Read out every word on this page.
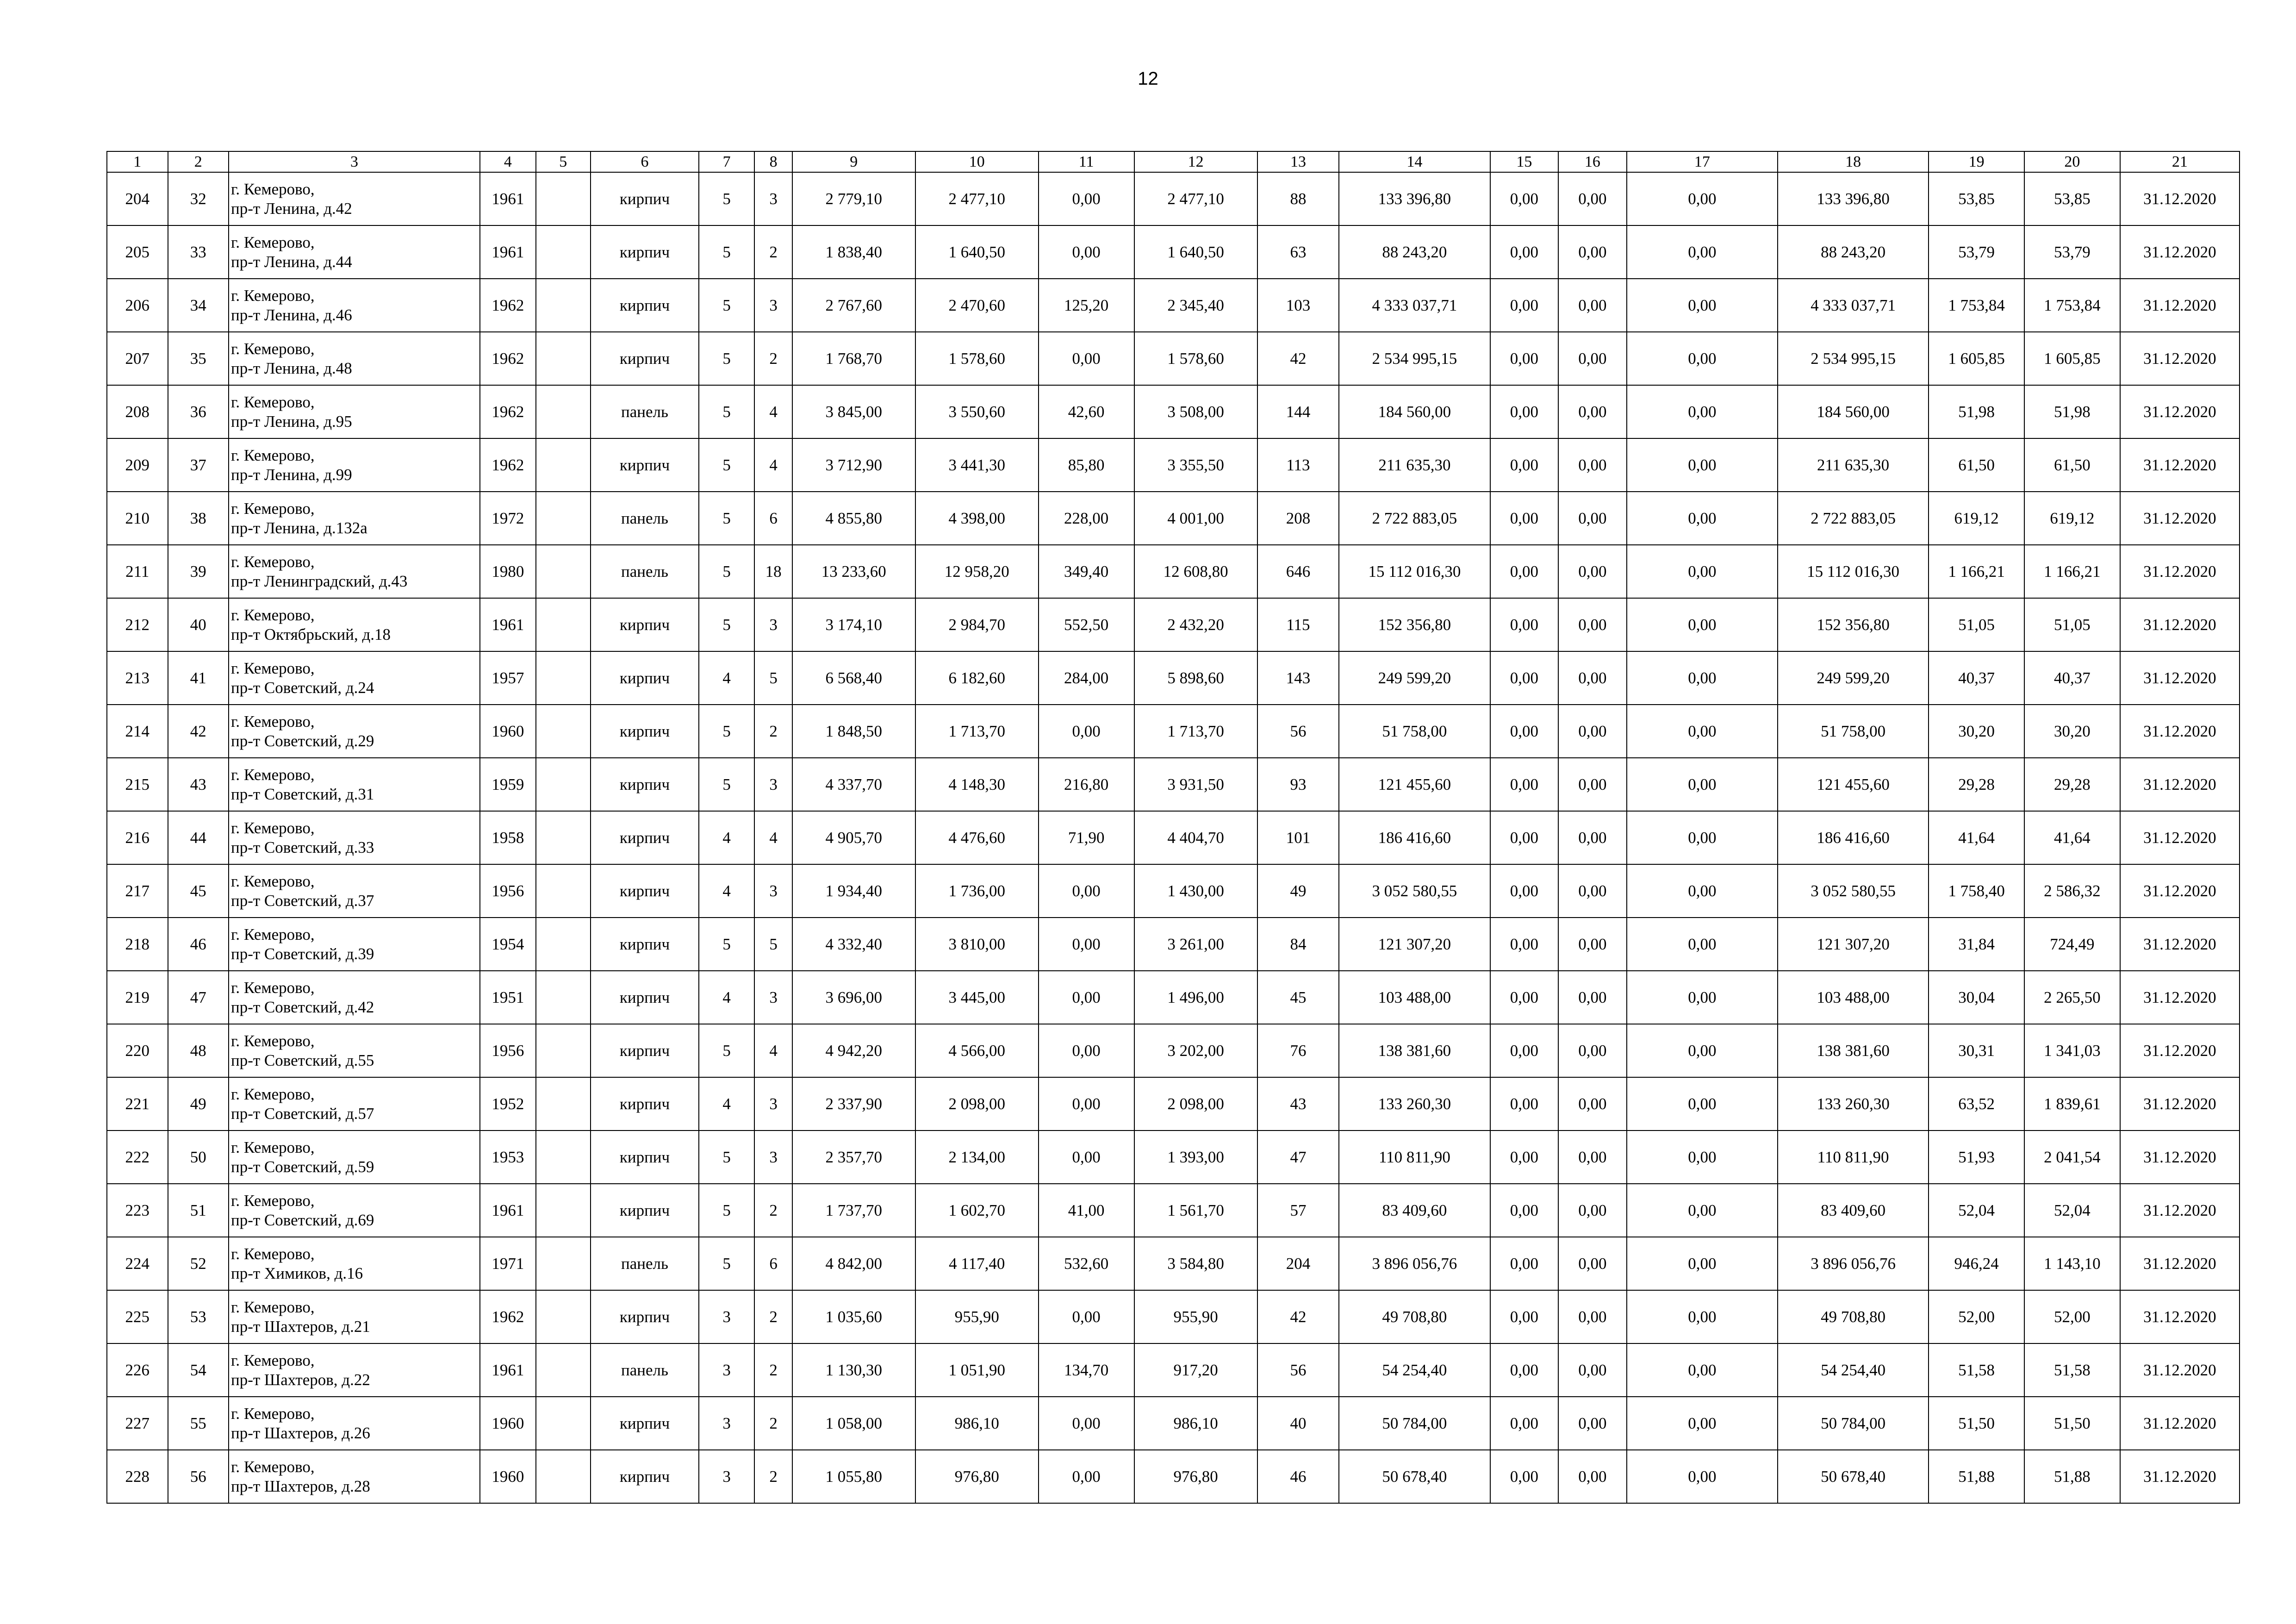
12
1	2	3	4	5	6	7	8	9	10	11	12	13	14	15	16	17	18	19	20	21
204	32	г. Кемерово,
пр-т Ленина, д.42	1961		кирпич	5	3	2 779,10	2 477,10	0,00	2 477,10	88	133 396,80	0,00	0,00	0,00	133 396,80	53,85	53,85	31.12.2020
205	33	г. Кемерово,
пр-т Ленина, д.44	1961		кирпич	5	2	1 838,40	1 640,50	0,00	1 640,50	63	88 243,20	0,00	0,00	0,00	88 243,20	53,79	53,79	31.12.2020
206	34	г. Кемерово,
пр-т Ленина, д.46	1962		кирпич	5	3	2 767,60	2 470,60	125,20	2 345,40	103	4 333 037,71	0,00	0,00	0,00	4 333 037,71	1 753,84	1 753,84	31.12.2020
207	35	г. Кемерово,
пр-т Ленина, д.48	1962		кирпич	5	2	1 768,70	1 578,60	0,00	1 578,60	42	2 534 995,15	0,00	0,00	0,00	2 534 995,15	1 605,85	1 605,85	31.12.2020
208	36	г. Кемерово,
пр-т Ленина, д.95	1962		панель	5	4	3 845,00	3 550,60	42,60	3 508,00	144	184 560,00	0,00	0,00	0,00	184 560,00	51,98	51,98	31.12.2020
209	37	г. Кемерово,
пр-т Ленина, д.99	1962		кирпич	5	4	3 712,90	3 441,30	85,80	3 355,50	113	211 635,30	0,00	0,00	0,00	211 635,30	61,50	61,50	31.12.2020
210	38	г. Кемерово,
пр-т Ленина, д.132а	1972		панель	5	6	4 855,80	4 398,00	228,00	4 001,00	208	2 722 883,05	0,00	0,00	0,00	2 722 883,05	619,12	619,12	31.12.2020
211	39	г. Кемерово,
пр-т Ленинградский, д.43	1980		панель	5	18	13 233,60	12 958,20	349,40	12 608,80	646	15 112 016,30	0,00	0,00	0,00	15 112 016,30	1 166,21	1 166,21	31.12.2020
212	40	г. Кемерово,
пр-т Октябрьский, д.18	1961		кирпич	5	3	3 174,10	2 984,70	552,50	2 432,20	115	152 356,80	0,00	0,00	0,00	152 356,80	51,05	51,05	31.12.2020
213	41	г. Кемерово,
пр-т Советский, д.24	1957		кирпич	4	5	6 568,40	6 182,60	284,00	5 898,60	143	249 599,20	0,00	0,00	0,00	249 599,20	40,37	40,37	31.12.2020
214	42	г. Кемерово,
пр-т Советский, д.29	1960		кирпич	5	2	1 848,50	1 713,70	0,00	1 713,70	56	51 758,00	0,00	0,00	0,00	51 758,00	30,20	30,20	31.12.2020
215	43	г. Кемерово,
пр-т Советский, д.31	1959		кирпич	5	3	4 337,70	4 148,30	216,80	3 931,50	93	121 455,60	0,00	0,00	0,00	121 455,60	29,28	29,28	31.12.2020
216	44	г. Кемерово,
пр-т Советский, д.33	1958		кирпич	4	4	4 905,70	4 476,60	71,90	4 404,70	101	186 416,60	0,00	0,00	0,00	186 416,60	41,64	41,64	31.12.2020
217	45	г. Кемерово,
пр-т Советский, д.37	1956		кирпич	4	3	1 934,40	1 736,00	0,00	1 430,00	49	3 052 580,55	0,00	0,00	0,00	3 052 580,55	1 758,40	2 586,32	31.12.2020
218	46	г. Кемерово,
пр-т Советский, д.39	1954		кирпич	5	5	4 332,40	3 810,00	0,00	3 261,00	84	121 307,20	0,00	0,00	0,00	121 307,20	31,84	724,49	31.12.2020
219	47	г. Кемерово,
пр-т Советский, д.42	1951		кирпич	4	3	3 696,00	3 445,00	0,00	1 496,00	45	103 488,00	0,00	0,00	0,00	103 488,00	30,04	2 265,50	31.12.2020
220	48	г. Кемерово,
пр-т Советский, д.55	1956		кирпич	5	4	4 942,20	4 566,00	0,00	3 202,00	76	138 381,60	0,00	0,00	0,00	138 381,60	30,31	1 341,03	31.12.2020
221	49	г. Кемерово,
пр-т Советский, д.57	1952		кирпич	4	3	2 337,90	2 098,00	0,00	2 098,00	43	133 260,30	0,00	0,00	0,00	133 260,30	63,52	1 839,61	31.12.2020
222	50	г. Кемерово,
пр-т Советский, д.59	1953		кирпич	5	3	2 357,70	2 134,00	0,00	1 393,00	47	110 811,90	0,00	0,00	0,00	110 811,90	51,93	2 041,54	31.12.2020
223	51	г. Кемерово,
пр-т Советский, д.69	1961		кирпич	5	2	1 737,70	1 602,70	41,00	1 561,70	57	83 409,60	0,00	0,00	0,00	83 409,60	52,04	52,04	31.12.2020
224	52	г. Кемерово,
пр-т Химиков, д.16	1971		панель	5	6	4 842,00	4 117,40	532,60	3 584,80	204	3 896 056,76	0,00	0,00	0,00	3 896 056,76	946,24	1 143,10	31.12.2020
225	53	г. Кемерово,
пр-т Шахтеров, д.21	1962		кирпич	3	2	1 035,60	955,90	0,00	955,90	42	49 708,80	0,00	0,00	0,00	49 708,80	52,00	52,00	31.12.2020
226	54	г. Кемерово,
пр-т Шахтеров, д.22	1961		панель	3	2	1 130,30	1 051,90	134,70	917,20	56	54 254,40	0,00	0,00	0,00	54 254,40	51,58	51,58	31.12.2020
227	55	г. Кемерово,
пр-т Шахтеров, д.26	1960		кирпич	3	2	1 058,00	986,10	0,00	986,10	40	50 784,00	0,00	0,00	0,00	50 784,00	51,50	51,50	31.12.2020
228	56	г. Кемерово,
пр-т Шахтеров, д.28	1960		кирпич	3	2	1 055,80	976,80	0,00	976,80	46	50 678,40	0,00	0,00	0,00	50 678,40	51,88	51,88	31.12.2020
